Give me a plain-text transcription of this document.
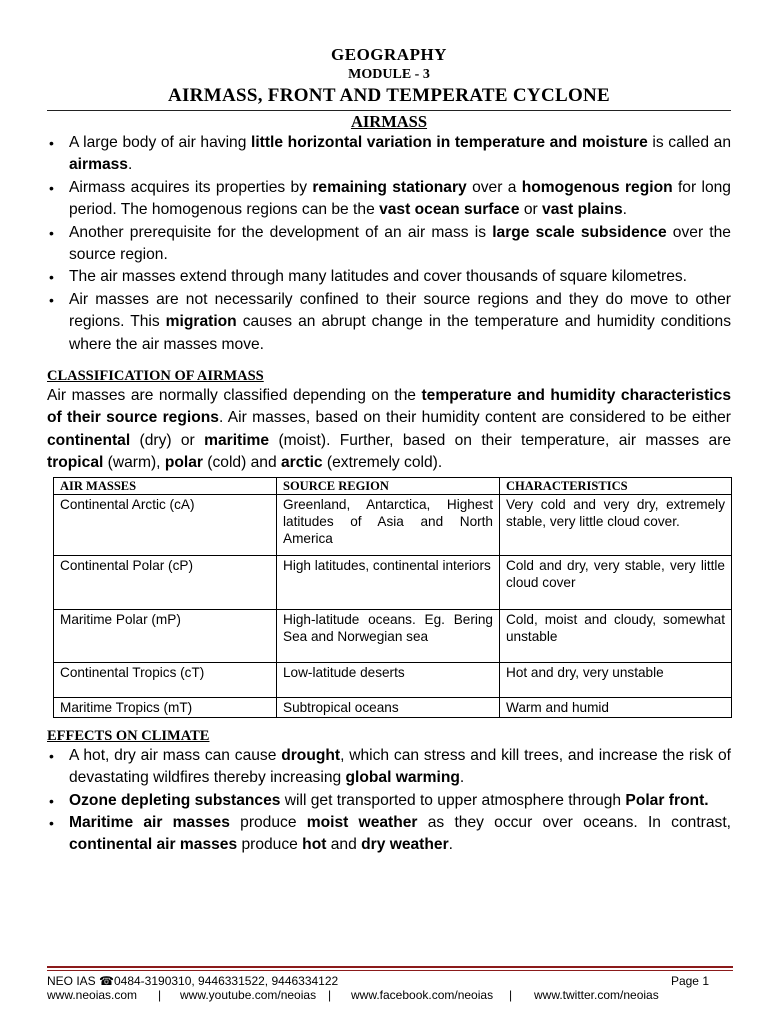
GEOGRAPHY
MODULE - 3
AIRMASS, FRONT AND TEMPERATE CYCLONE
AIRMASS
• A large body of air having little horizontal variation in temperature and moisture is called an airmass.
• Airmass acquires its properties by remaining stationary over a homogenous region for long period. The homogenous regions can be the vast ocean surface or vast plains.
• Another prerequisite for the development of an air mass is large scale subsidence over the source region.
• The air masses extend through many latitudes and cover thousands of square kilometres.
• Air masses are not necessarily confined to their source regions and they do move to other regions. This migration causes an abrupt change in the temperature and humidity conditions where the air masses move.
CLASSIFICATION OF AIRMASS

Air masses are normally classified depending on the temperature and humidity characteristics of their source regions. Air masses, based on their humidity content are considered to be either continental (dry) or maritime (moist). Further, based on their temperature, air masses are tropical (warm), polar (cold) and arctic (extremely cold).

AIR MASSES	SOURCE REGION	CHARACTERISTICS
Continental Arctic (cA)	Greenland, Antarctica, Highest latitudes of Asia and North America	Very cold and very dry, extremely stable, very little cloud cover.
Continental Polar (cP)	High latitudes, continental interiors	Cold and dry, very stable, very little cloud cover
Maritime Polar (mP)	High-latitude oceans. Eg. Bering Sea and Norwegian sea	Cold, moist and cloudy, somewhat unstable
Continental Tropics (cT)	Low-latitude deserts	Hot and dry, very unstable
Maritime Tropics (mT)	Subtropical oceans	Warm and humid
EFFECTS ON CLIMATE
• A hot, dry air mass can cause drought, which can stress and kill trees, and increase the risk of devastating wildfires thereby increasing global warming.
• Ozone depleting substances will get transported to upper atmosphere through Polar front.
• Maritime air masses produce moist weather as they occur over oceans. In contrast, continental air masses produce hot and dry weather.
NEO IAS ☎0484-3190310, 9446331522, 9446334122	Page 1
www.neoias.com | www.youtube.com/neoias | www.facebook.com/neoias | www.twitter.com/neoias
